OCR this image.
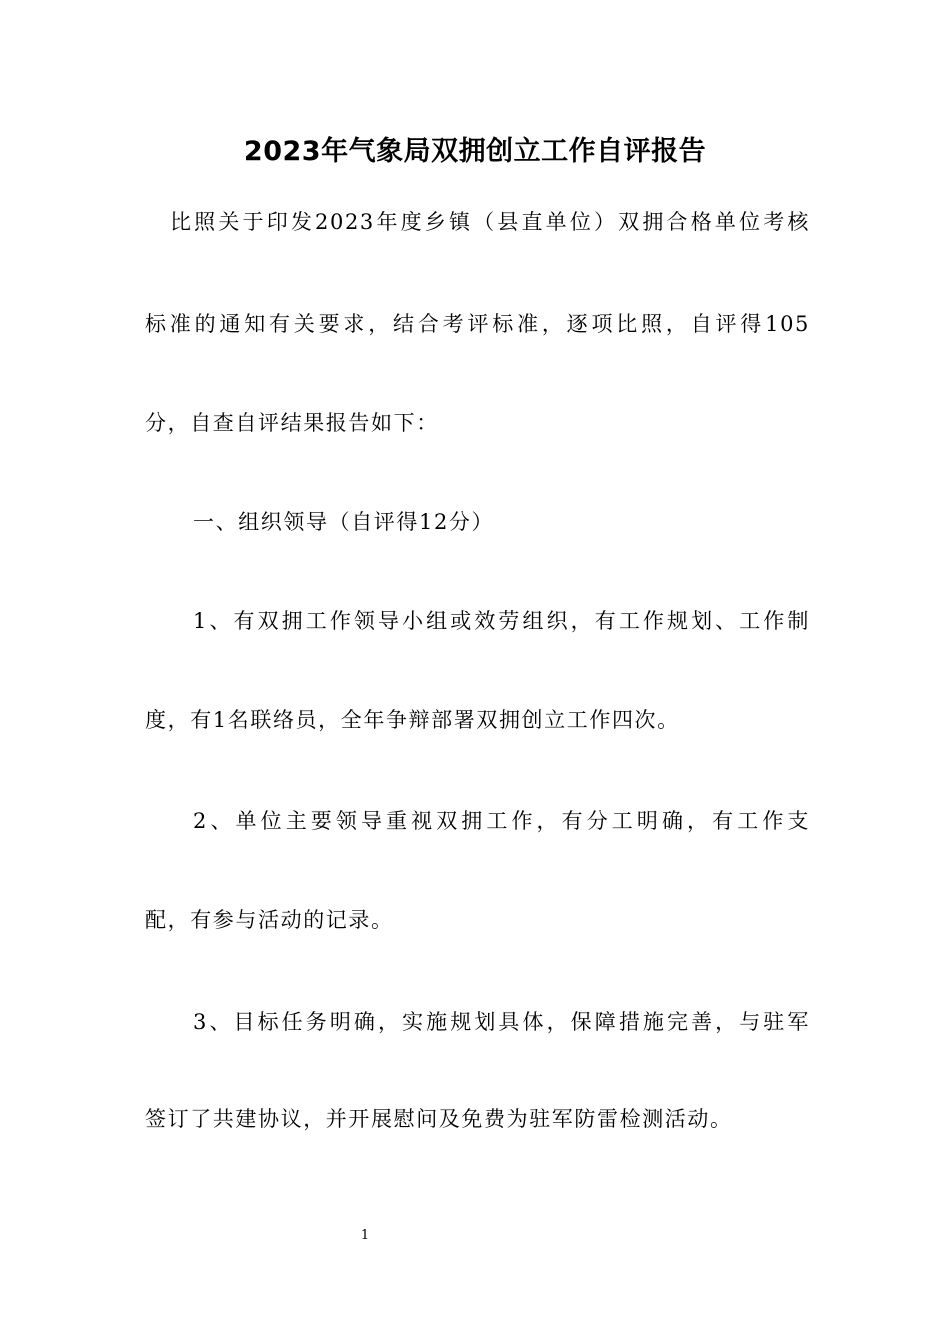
2023年气象局双拥创立工作自评报告
比照关于印发2023年度乡镇（县直单位）双拥合格单位考核
标准的通知有关要求，结合考评标准，逐项比照，自评得105
分，自查自评结果报告如下：
一、组织领导（自评得12分）
1、有双拥工作领导小组或效劳组织，有工作规划、工作制
度，有1名联络员，全年争辩部署双拥创立工作四次。
2、单位主要领导重视双拥工作，有分工明确，有工作支
配，有参与活动的记录。
3、目标任务明确，实施规划具体，保障措施完善，与驻军
签订了共建协议，并开展慰问及免费为驻军防雷检测活动。
1
